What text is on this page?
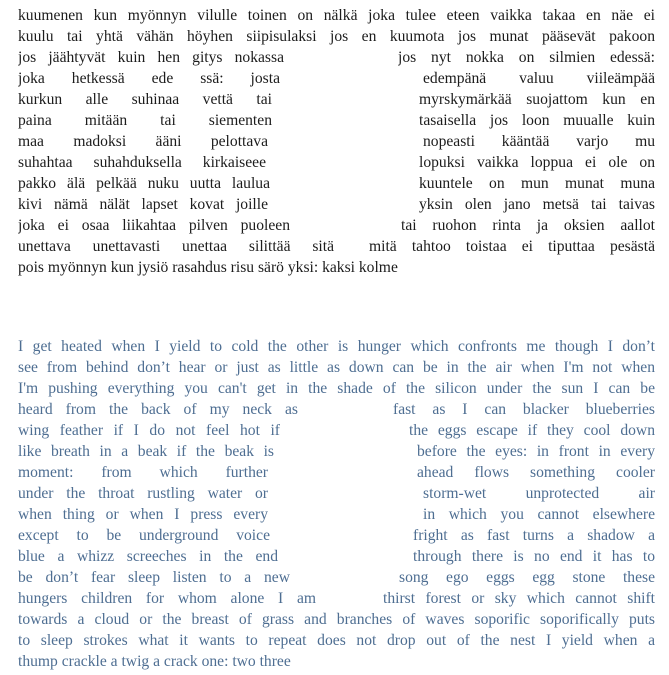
kuumenen kun myönnyn vilulle toinen on nälkä joka tulee eteen vaikka takaa en näe ei
kuulu tai yhtä vähän höyhen siipisulaksi jos en kuumota jos munat pääsevät pakoon
jos jäähtyvät kuin hen gitys nokassa	jos nyt nokka on silmien edessä:
joka hetkessä ede ssä: josta	edempänä valuu viileämpää
kurkun alle suhinaa vettä tai	myrskymärkää suojattom kun en
paina mitään tai siementen	tasaisella jos loon muualle kuin
maa madoksi ääni pelottava	nopeasti kääntää varjo mu
suhahtaa suhahduksella kirkaiseee	lopuksi vaikka loppua ei ole on
pakko älä pelkää nuku uutta laulua	kuuntele on mun munat muna
kivi nämä nälät lapset kovat joille	yksin olen jano metsä tai taivas
joka ei osaa liikahtaa pilven puoleen	tai ruohon rinta ja oksien aallot
unettava unettavasti unettaa silittää sitä mitä tahtoo toistaa ei tiputtaa pesästä
pois myönnyn kun jysiö rasahdus risu särö yksi: kaksi kolme
I get heated when I yield to cold the other is hunger which confronts me though I don’t
see from behind don’t hear or just as little as down can be in the air when I'm not when
I'm pushing everything you can't get in the shade of the silicon under the sun I can be
heard from the back of my neck as	fast as I can blacker blueberries
wing feather if I do not feel hot if	the eggs escape if they cool down
like breath in a beak if the beak is	before the eyes: in front in every
moment: from which further	ahead flows something cooler
under the throat rustling water or	storm-wet unprotected air
when thing or when I press every	in which you cannot elsewhere
except to be underground voice	fright as fast turns a shadow a
blue a whizz screeches in the end	through there is no end it has to
be don’t fear sleep listen to a new	song ego eggs egg stone these
hungers children for whom alone I am	thirst forest or sky which cannot shift
towards a cloud or the breast of grass and branches of waves soporific soporifically puts
to sleep strokes what it wants to repeat does not drop out of the nest I yield when a
thump crackle a twig a crack one: two three
